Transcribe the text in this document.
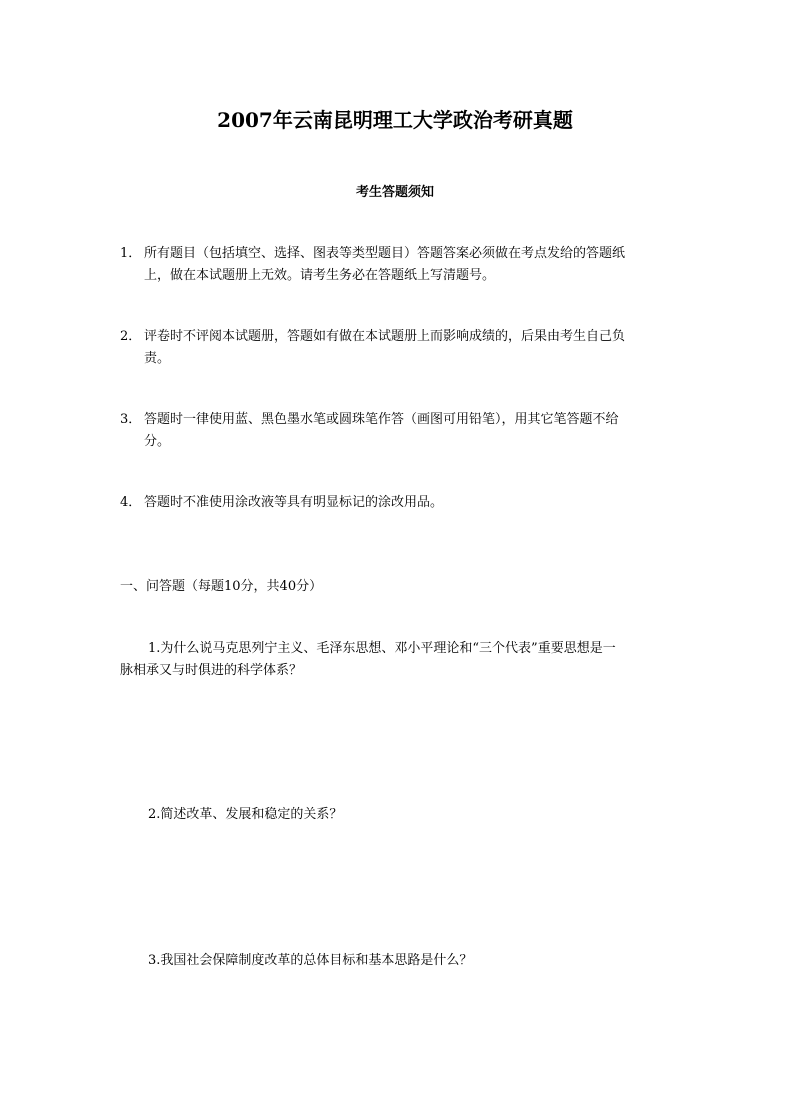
2007年云南昆明理工大学政治考研真题
考生答题须知
1． 所有题目（包括填空、选择、图表等类型题目）答题答案必须做在考点发给的答题纸
上，做在本试题册上无效。请考生务必在答题纸上写清题号。
2． 评卷时不评阅本试题册，答题如有做在本试题册上而影响成绩的，后果由考生自己负
责。
3． 答题时一律使用蓝、黑色墨水笔或圆珠笔作答（画图可用铅笔），用其它笔答题不给
分。
4． 答题时不准使用涂改液等具有明显标记的涂改用品。

一、问答题（每题10分，共40分）

1.为什么说马克思列宁主义、毛泽东思想、邓小平理论和“三个代表”重要思想是一
脉相承又与时俱进的科学体系？
2.简述改革、发展和稳定的关系？
3.我国社会保障制度改革的总体目标和基本思路是什么？
